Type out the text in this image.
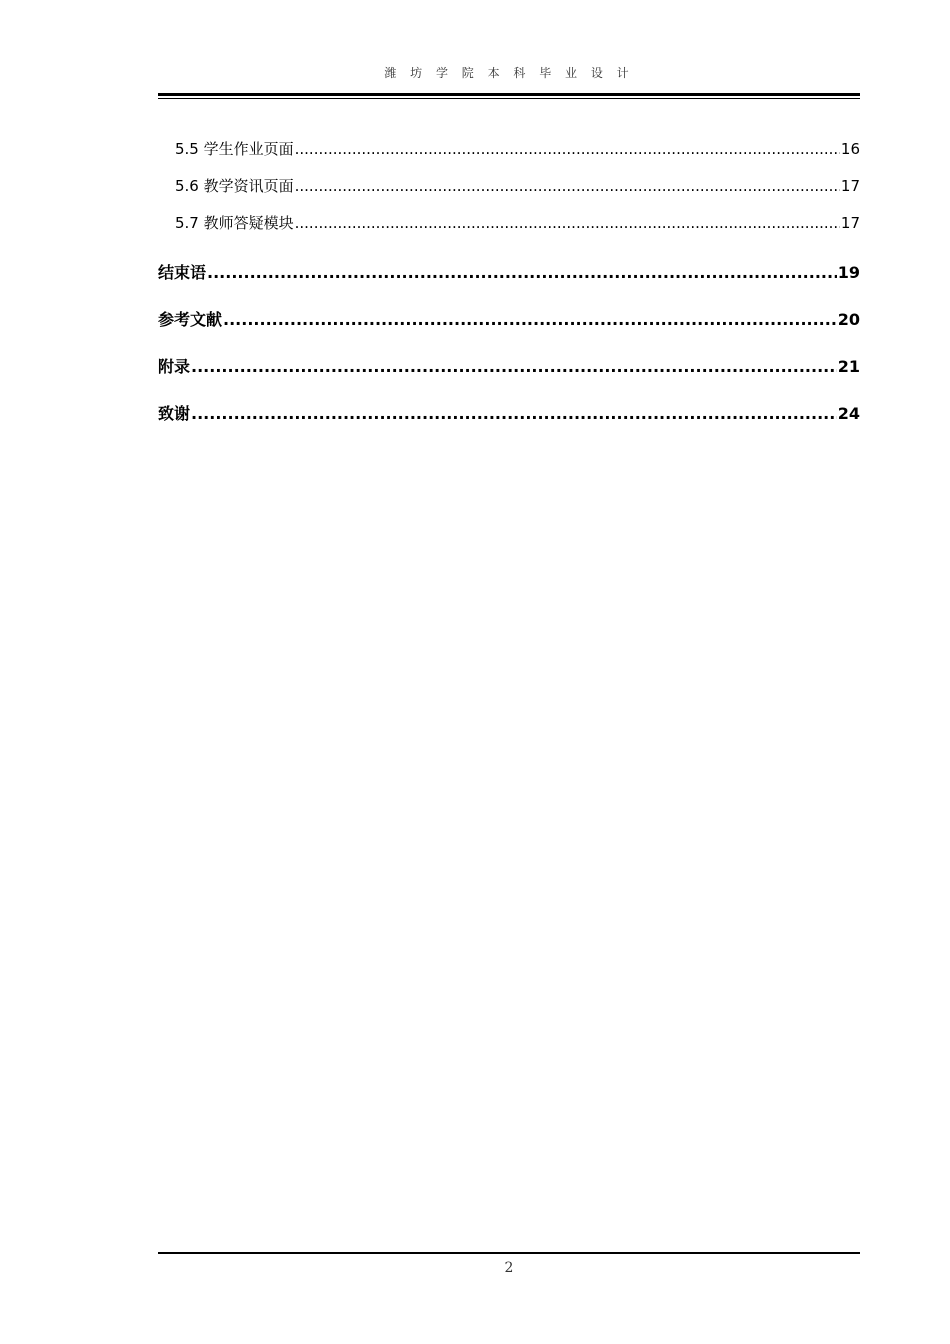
潍 坊 学 院 本 科 毕 业 设 计
5.5 学生作业页面 .....	16
5.6 教学资讯页面 .....	17
5.7 教师答疑模块 .....	17
结束语 .....	19
参考文献 .....	20
附录 .....	21
致谢 .....	24
2
